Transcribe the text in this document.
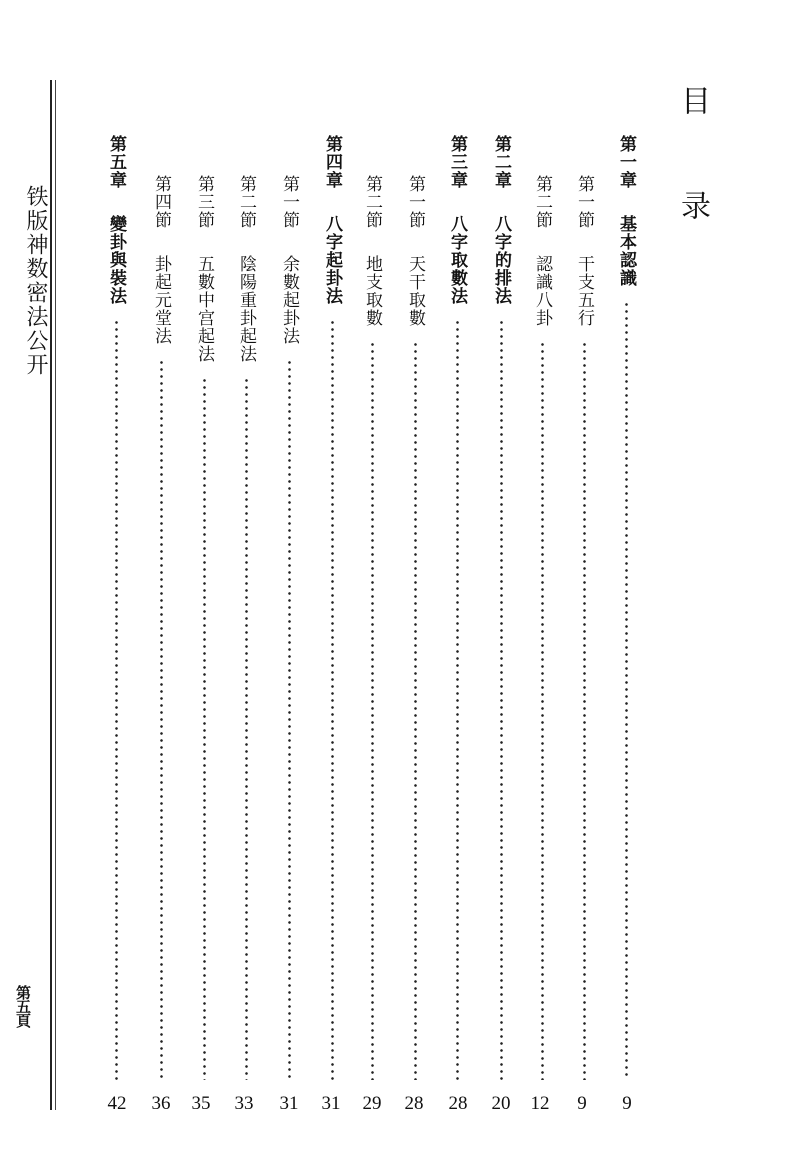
铁版神数密法公开
第五頁
目 录
第一章
基本認識
9
第一節
干支五行
9
第二節
認識八卦
12
第二章
八字的排法
20
第三章
八字取數法
28
第一節
天干取數
28
第二節
地支取數
29
第四章
八字起卦法
31
第一節
余數起卦法
31
第二節
陰陽重卦起法
33
第三節
五數中宫起法
35
第四節
卦起元堂法
36
第五章
變卦與裝法
42
